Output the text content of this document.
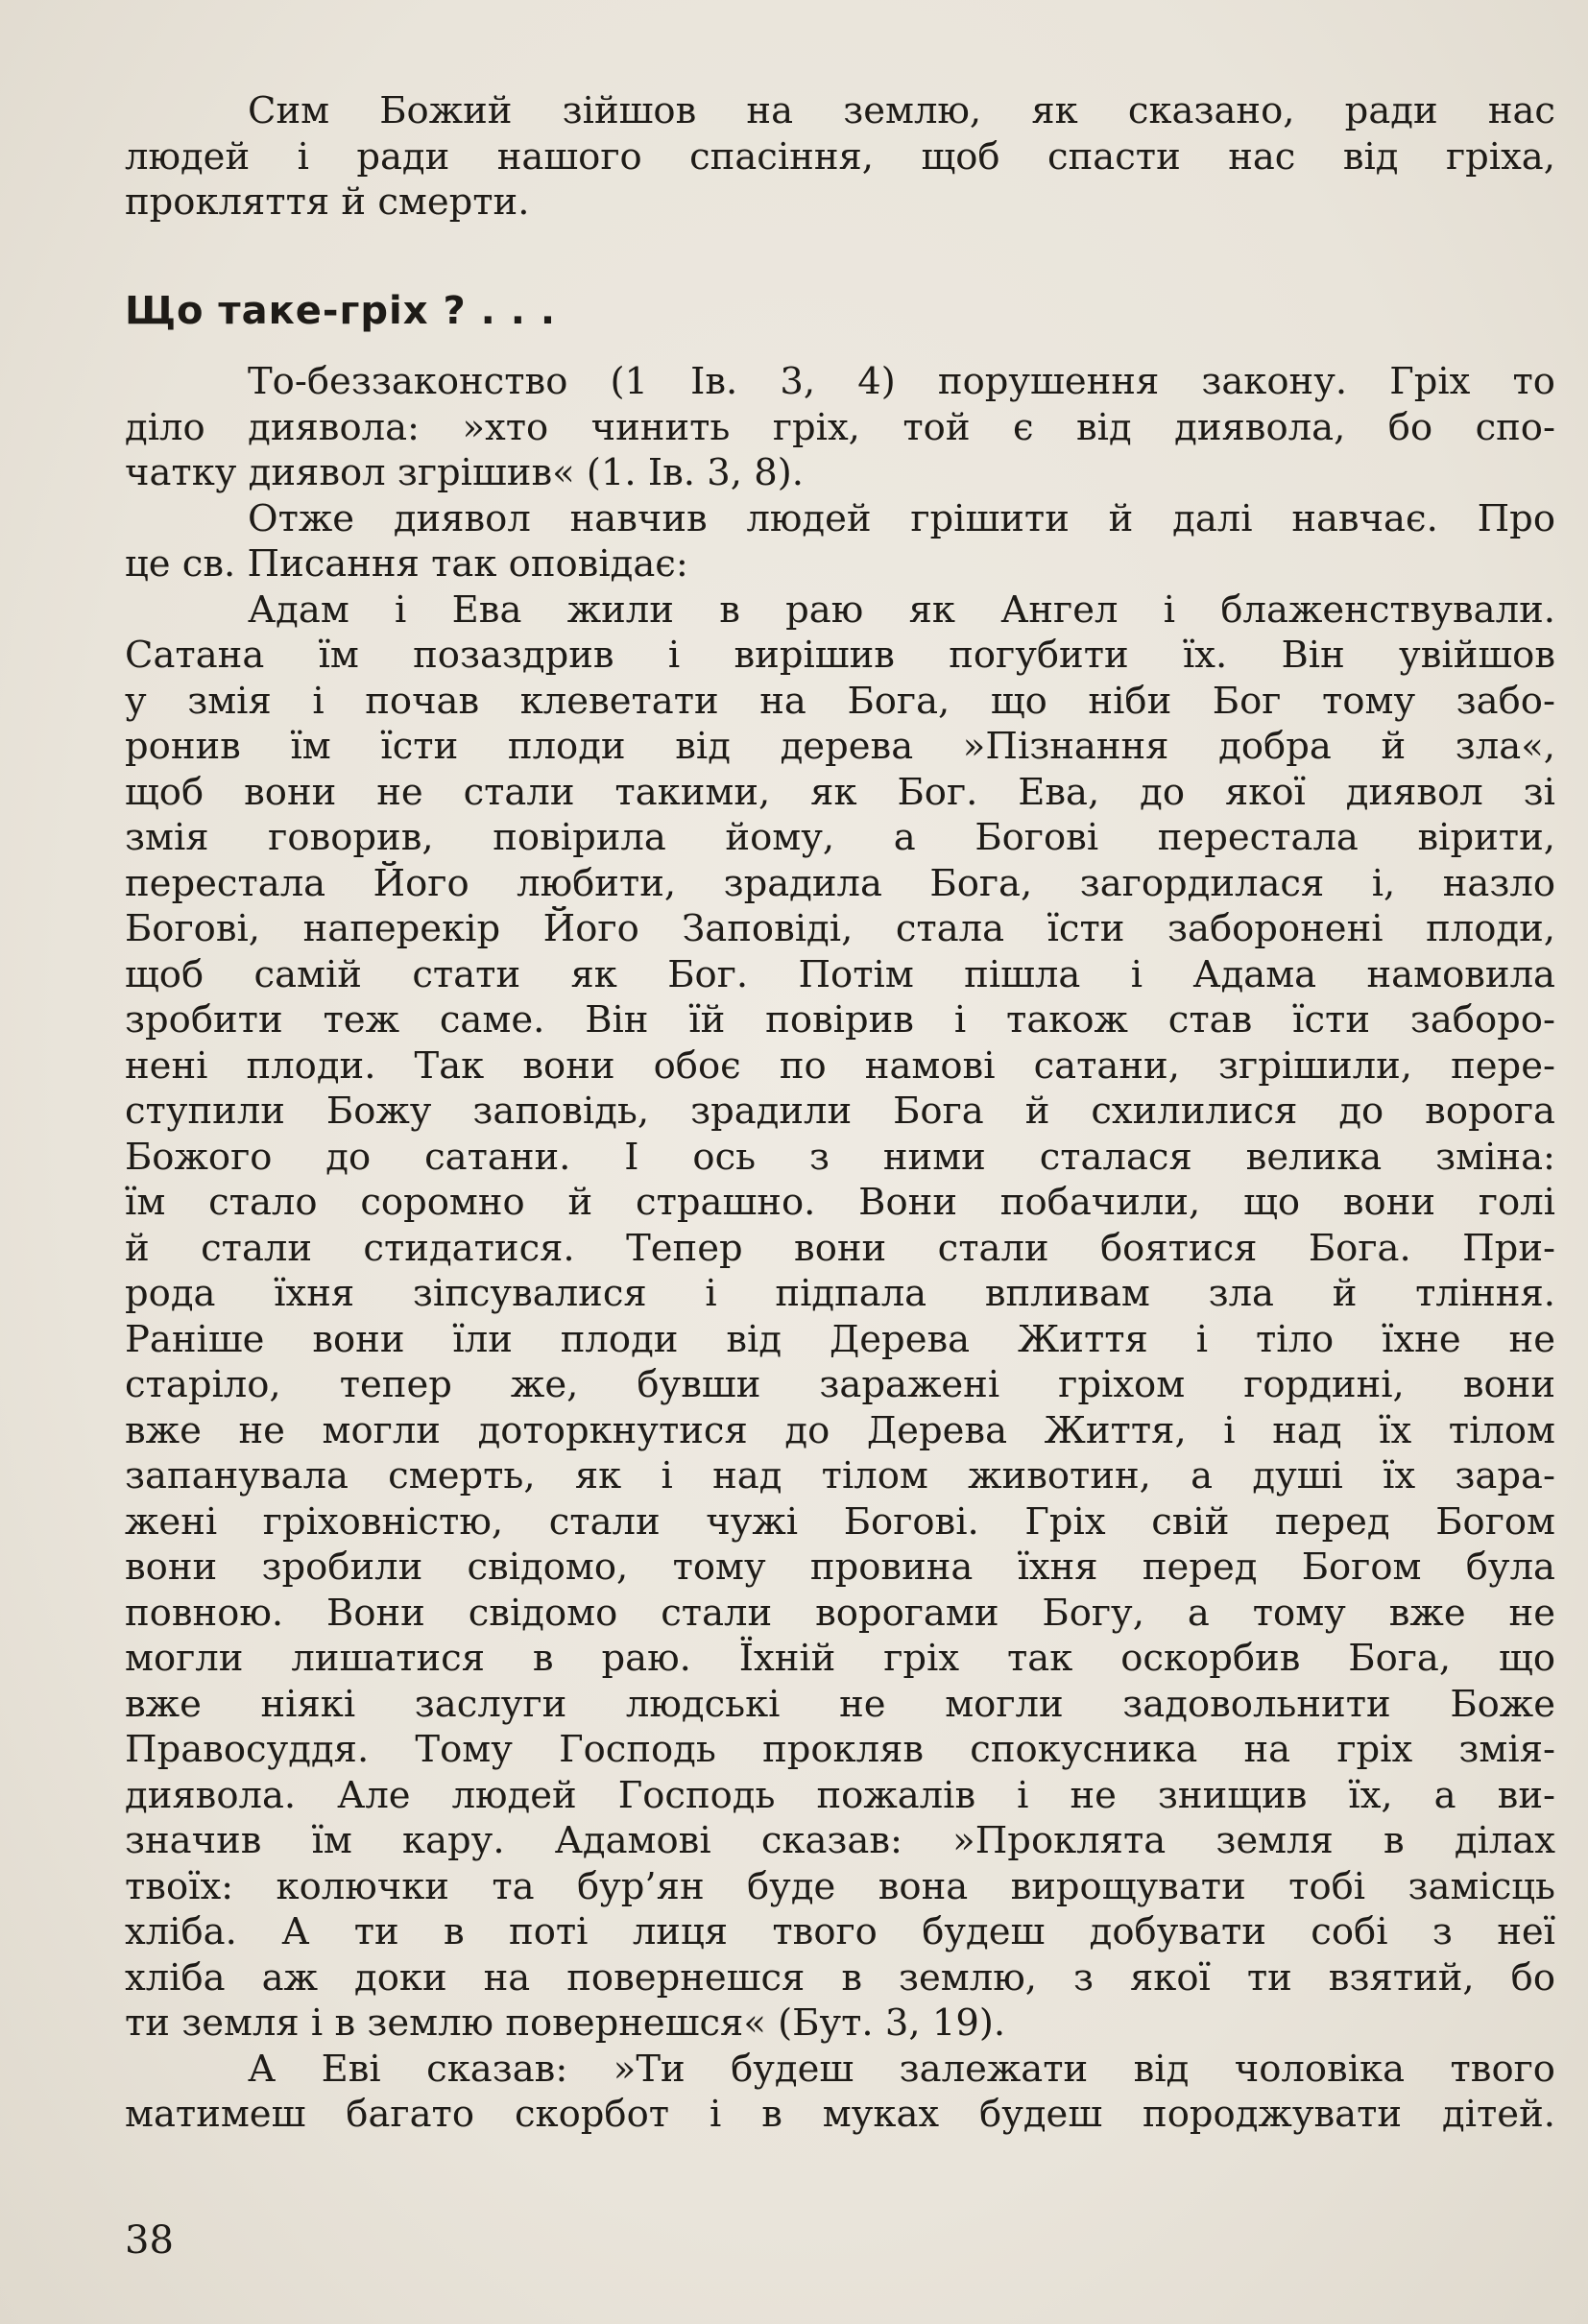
Сим Божий зійшов на землю, як сказано, ради нас
людей і ради нашого спасіння, щоб спасти нас від гріха,
прокляття й смерти.
Що таке-гріх ? . . .
То-беззаконство (1 Ів. 3, 4) порушення закону. Гріх то
діло диявола: »хто чинить гріх, той є від диявола, бо спо-
чатку диявол згрішив« (1. Ів. 3, 8).
Отже диявол навчив людей грішити й далі навчає. Про
це св. Писання так оповідає:
Адам і Ева жили в раю як Ангел і блаженствували.
Сатана їм позаздрив і вирішив погубити їх. Він увійшов
у змія і почав клеветати на Бога, що ніби Бог тому забо-
ронив їм їсти плоди від дерева »Пізнання добра й зла«,
щоб вони не стали такими, як Бог. Ева, до якої диявол зі
змія говорив, повірила йому, а Богові перестала вірити,
перестала Його любити, зрадила Бога, загордилася і, назло
Богові, наперекір Його Заповіді, стала їсти заборонені плоди,
щоб самій стати як Бог. Потім пішла і Адама намовила
зробити теж саме. Він їй повірив і також став їсти заборо-
нені плоди. Так вони обоє по намові сатани, згрішили, пере-
ступили Божу заповідь, зрадили Бога й схилилися до ворога
Божого до сатани. І ось з ними сталася велика зміна:
їм стало соромно й страшно. Вони побачили, що вони голі
й стали стидатися. Тепер вони стали боятися Бога. При-
рода їхня зіпсувалися і підпала впливам зла й тління.
Раніше вони їли плоди від Дерева Життя і тіло їхне не
старіло, тепер же, бувши заражені гріхом гордині, вони
вже не могли доторкнутися до Дерева Життя, і над їх тілом
запанувала смерть, як і над тілом животин, а душі їх зара-
жені гріховністю, стали чужі Богові. Гріх свій перед Богом
вони зробили свідомо, тому провина їхня перед Богом була
повною. Вони свідомо стали ворогами Богу, а тому вже не
могли лишатися в раю. Їхній гріх так оскорбив Бога, що
вже ніякі заслуги людські не могли задовольнити Боже
Правосуддя. Тому Господь прокляв спокусника на гріх змія-
диявола. Але людей Господь пожалів і не знищив їх, а ви-
значив їм кару. Адамові сказав: »Проклята земля в ділах
твоїх: колючки та бур’ян буде вона вирощувати тобі замісць
хліба. А ти в поті лиця твого будеш добувати собі з неї
хліба аж доки на повернешся в землю, з якої ти взятий, бо
ти земля і в землю повернешся« (Бут. 3, 19).
А Еві сказав: »Ти будеш залежати від чоловіка твого
матимеш багато скорбот і в муках будеш породжувати дітей.
38
